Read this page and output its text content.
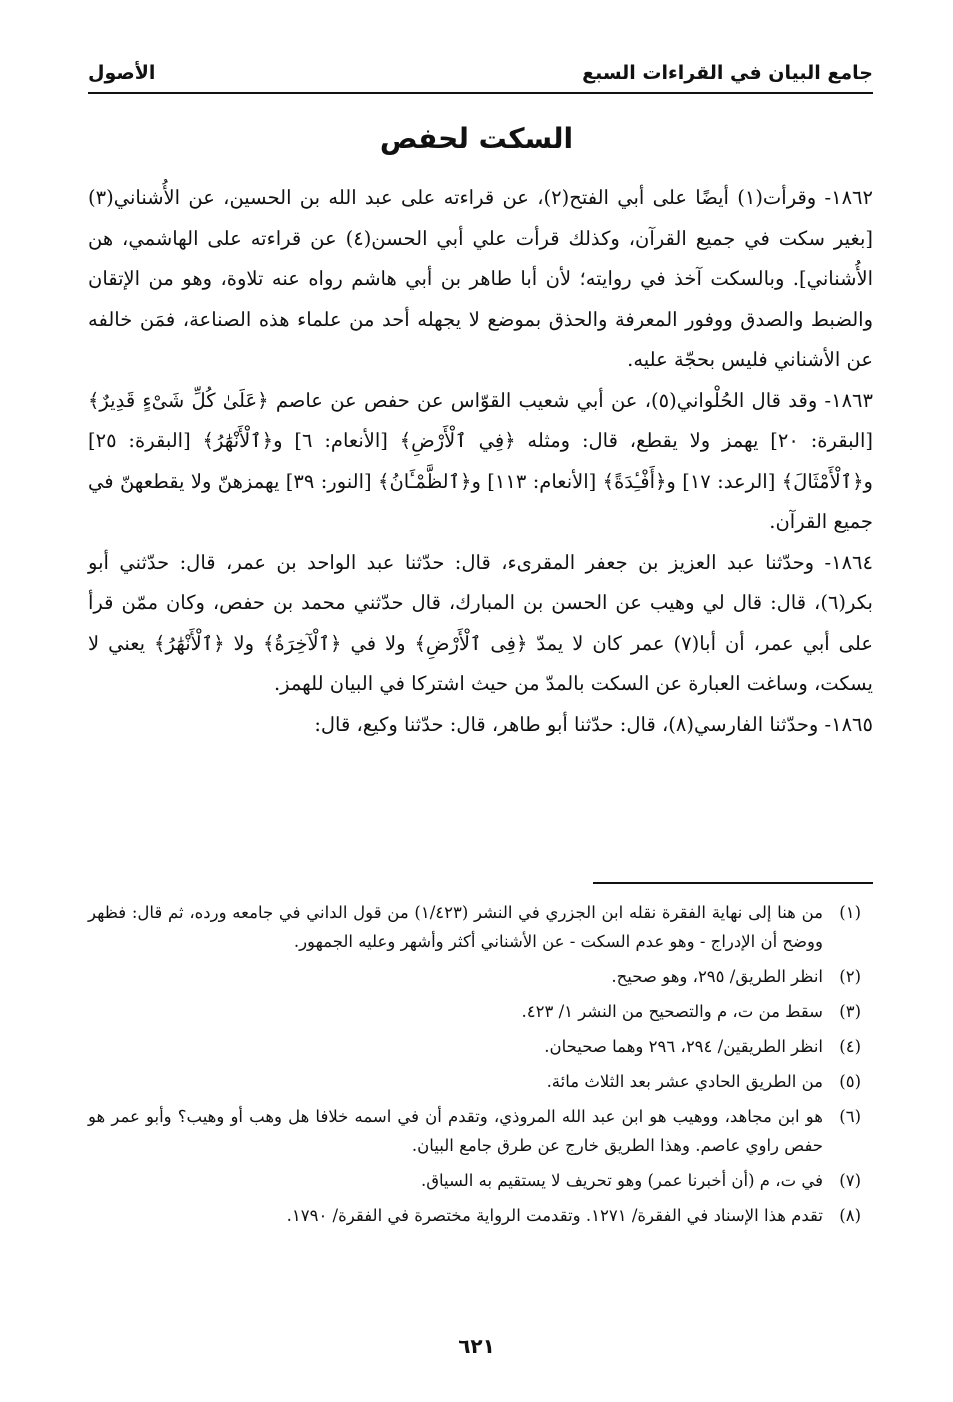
جامع البيان في القراءات السبع
الأصول
السكت لحفص

١٨٦٢- وقرأت(١) أيضًا على أبي الفتح(٢)، عن قراءته على عبد الله بن الحسين، عن الأُشناني(٣) [بغير سكت في جميع القرآن، وكذلك قرأت علي أبي الحسن(٤) عن قراءته على الهاشمي، هن الأُشناني]. وبالسكت آخذ في روايته؛ لأن أبا طاهر بن أبي هاشم رواه عنه تلاوة، وهو من الإتقان والضبط والصدق ووفور المعرفة والحذق بموضع لا يجهله أحد من علماء هذه الصناعة، فمَن خالفه عن الأشناني فليس بحجّة عليه.

١٨٦٣- وقد قال الحُلْواني(٥)، عن أبي شعيب القوّاس عن حفص عن عاصم ﴿عَلَىٰ كُلِّ شَىْءٍ قَدِيرٌ﴾ [البقرة: ٢٠] يهمز ولا يقطع، قال: ومثله ﴿فِي ٱلْأَرْضِ﴾ [الأنعام: ٦] و﴿ٱلْأَنْهَٰرُ﴾ [البقرة: ٢٥] و﴿ٱلْأَمْثَالَ﴾ [الرعد: ١٧] و﴿أَفْـِٔدَةً﴾ [الأنعام: ١١٣] و﴿ٱلظَّمْـَٔانُ﴾ [النور: ٣٩] يهمزهنّ ولا يقطعهنّ في جميع القرآن.

١٨٦٤- وحدّثنا عبد العزيز بن جعفر المقرىء، قال: حدّثنا عبد الواحد بن عمر، قال: حدّثني أبو بكر(٦)، قال: قال لي وهيب عن الحسن بن المبارك، قال حدّثني محمد بن حفص، وكان ممّن قرأ على أبي عمر، أن أبا(٧) عمر كان لا يمدّ ﴿فِى ٱلْأَرْضِ﴾ ولا في ﴿ٱلْآخِرَةُ﴾ ولا ﴿ٱلْأَنْهَٰرُ﴾ يعني لا يسكت، وساغت العبارة عن السكت بالمدّ من حيث اشتركا في البيان للهمز.

١٨٦٥- وحدّثنا الفارسي(٨)، قال: حدّثنا أبو طاهر، قال: حدّثنا وكيع، قال:

(١)
من هنا إلى نهاية الفقرة نقله ابن الجزري في النشر (١/٤٢٣) من قول الداني في جامعه ورده، ثم قال: فظهر ووضح أن الإدراج - وهو عدم السكت - عن الأشناني أكثر وأشهر وعليه الجمهور.
(٢)
انظر الطريق/ ٢٩٥، وهو صحيح.
(٣)
سقط من ت، م والتصحيح من النشر ١/ ٤٢٣.
(٤)
انظر الطريقين/ ٢٩٤، ٢٩٦ وهما صحيحان.
(٥)
من الطريق الحادي عشر بعد الثلاث مائة.
(٦)
هو ابن مجاهد، ووهيب هو ابن عبد الله المروذي، وتقدم أن في اسمه خلافا هل وهب أو وهيب؟ وأبو عمر هو حفص راوي عاصم. وهذا الطريق خارج عن طرق جامع البيان.
(٧)
في ت، م (أن أخبرنا عمر) وهو تحريف لا يستقيم به السياق.
(٨)
تقدم هذا الإسناد في الفقرة/ ١٢٧١. وتقدمت الرواية مختصرة في الفقرة/ ١٧٩٠.
٦٢١
